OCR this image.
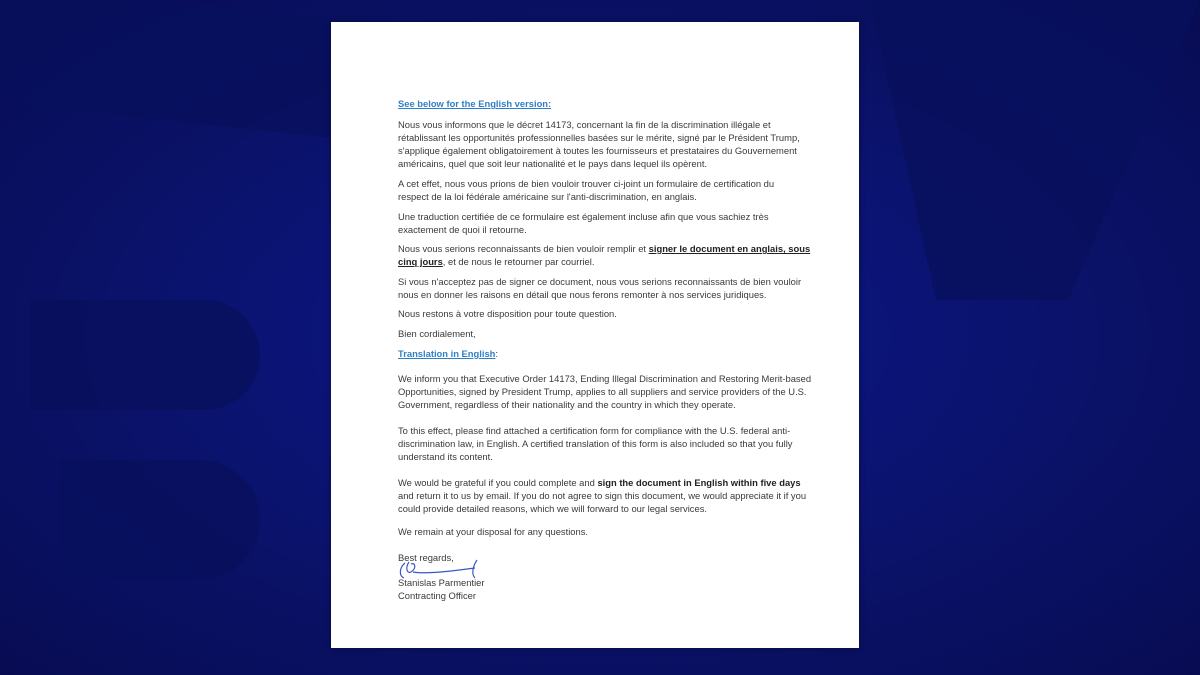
See below for the English version:
Nous vous informons que le décret 14173, concernant la fin de la discrimination illégale et
rétablissant les opportunités professionnelles basées sur le mérite, signé par le Président Trump,
s'applique également obligatoirement à toutes les fournisseurs et prestataires du Gouvernement
américains, quel que soit leur nationalité et le pays dans lequel ils opèrent.
A cet effet, nous vous prions de bien vouloir trouver ci-joint un formulaire de certification du
respect de la loi fédérale américaine sur l'anti-discrimination, en anglais.
Une traduction certifiée de ce formulaire est également incluse afin que vous sachiez très
exactement de quoi il retourne.
Nous vous serions reconnaissants de bien vouloir remplir et signer le document en anglais, sous
cinq jours, et de nous le retourner par courriel.
Si vous n'acceptez pas de signer ce document, nous vous serions reconnaissants de bien vouloir
nous en donner les raisons en détail que nous ferons remonter à nos services juridiques.
Nous restons à votre disposition pour toute question.
Bien cordialement,
Translation in English:
We inform you that Executive Order 14173, Ending Illegal Discrimination and Restoring Merit-based
Opportunities, signed by President Trump, applies to all suppliers and service providers of the U.S.
Government, regardless of their nationality and the country in which they operate.
To this effect, please find attached a certification form for compliance with the U.S. federal anti-
discrimination law, in English. A certified translation of this form is also included so that you fully
understand its content.
We would be grateful if you could complete and sign the document in English within five days
and return it to us by email. If you do not agree to sign this document, we would appreciate it if you
could provide detailed reasons, which we will forward to our legal services.
We remain at your disposal for any questions.
Best regards,
Stanislas Parmentier
Contracting Officer
